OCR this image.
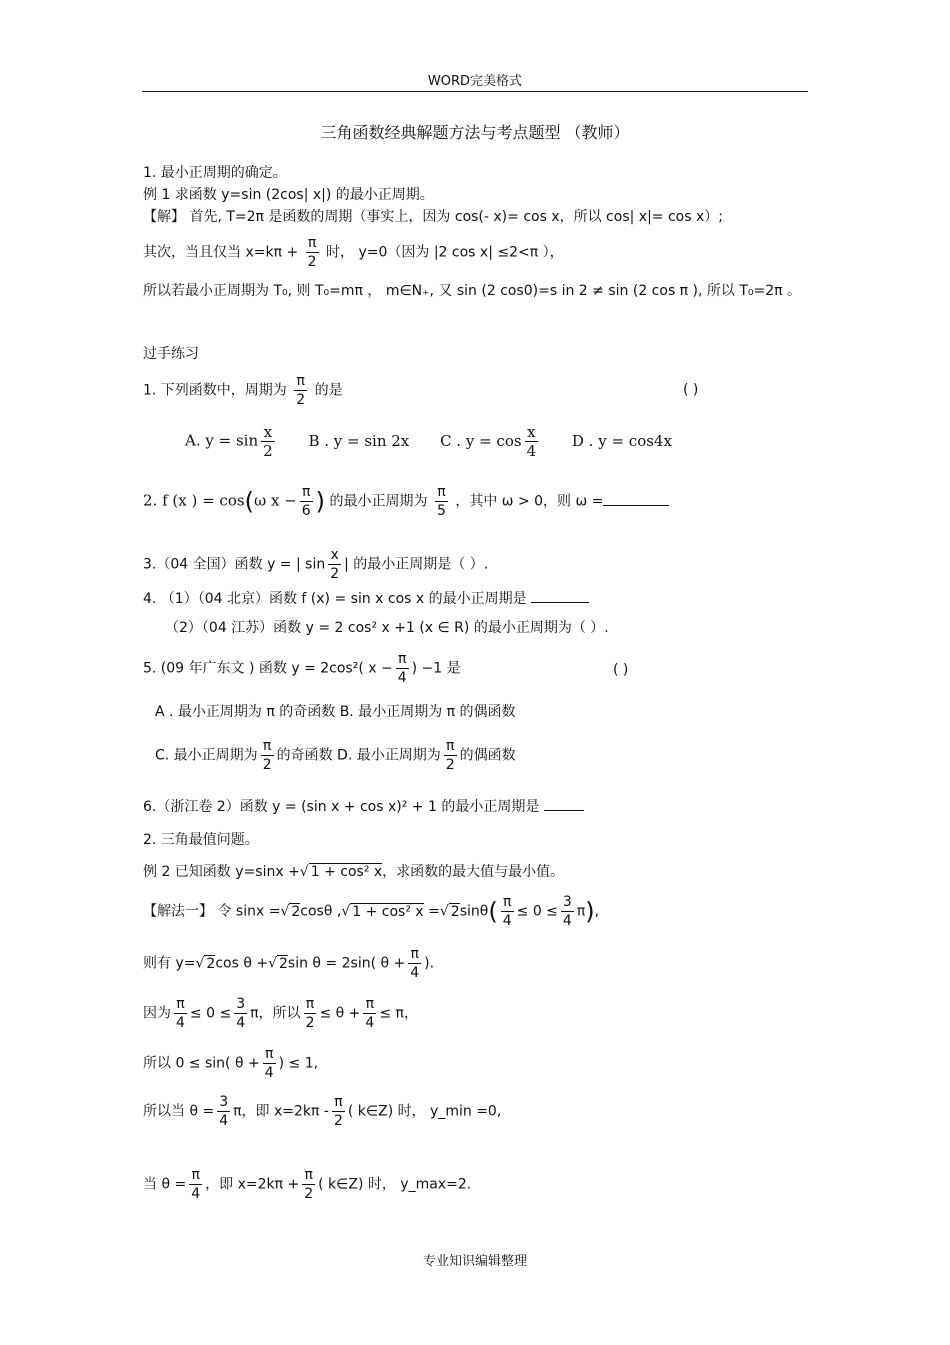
WORD完美格式
三角函数经典解题方法与考点题型 （教师）
1. 最小正周期的确定。
例 1 求函数 y=sin (2cos| x|) 的最小正周期。
【解】 首先, T=2π 是函数的周期（事实上，因为 cos(- x)= cos x，所以 cos| x|= cos x）;
其次，当且仅当 $x=k\pi + \frac{\pi}{2}$ 时， y=0（因为 |2 cos x| ≤2<π ），
所以若最小正周期为 T₀, 则 T₀=mπ ， m∈N₊, 又 sin (2 cos0)=s in 2 ≠ sin (2 cos π ), 所以 T₀=2π 。
过手练习
1. 下列函数中，周期为 $\frac{\pi}{2}$ 的是	( )
A. $y = \sin \frac{x}{2}$ B . y = sin 2x C . $y = \cos \frac{x}{4}$ D . y = cos4x
2. f (x ) = cos(ω $x - \frac{\pi}{6}$ ) 的最小正周期为 $\frac{\pi}{5}$ ，其中 ω > 0，则 ω =
3.（04 全国）函数 y = | $\sin \frac{x}{2}$ | 的最小正周期是（ ）.
4. （1）（04 北京）函数 f (x) = sin x cos x 的最小正周期是
（2）（04 江苏）函数 y = 2 cos² x +1 (x ∈ R) 的最小正周期为（ ）.
5. (09 年广东文 ) 函数 y = 2cos²( $x - \frac{\pi}{4}$ ) −1 是	( )
A . 最小正周期为 π 的奇函数 B. 最小正周期为 π 的偶函数
C. 最小正周期为 $\frac{\pi}{2}$ 的奇函数 D. 最小正周期为 $\frac{\pi}{2}$ 的偶函数
6.（浙江卷 2）函数 y = (sin x + cos x)² + 1 的最小正周期是
2. 三角最值问题。
例 2 已知函数 y=sinx +√ 1 + cos² x，求函数的最大值与最小值。
【解法一】 令 sinx =√ 2cosθ ,√ 1 + cos² x =√ $2\sin\theta( \frac{\pi}{4} \le 0 \le \frac{3}{4} \pi)$,
则有 y=√ 2cos θ +√ 2sin θ = 2sin( $\theta + \frac{\pi}{4}$ ).
因为 $\frac{\pi}{4} \le 0 \le \frac{3}{4}$ π，所以 $\frac{\pi}{2} \le \theta + \frac{\pi}{4} \le \pi$，
所以 0 ≤ sin( $\theta + \frac{\pi}{4}$ ) ≤ 1,
所以当 $\theta = \frac{3}{4}$ π，即 $x=2k\pi - \frac{\pi}{2}$ ( k∈Z) 时， y_min =0,
当 $\theta = \frac{\pi}{4}$ ，即 $x=2k\pi + \frac{\pi}{2}$ ( k∈Z) 时， y_max=2.
专业知识编辑整理
